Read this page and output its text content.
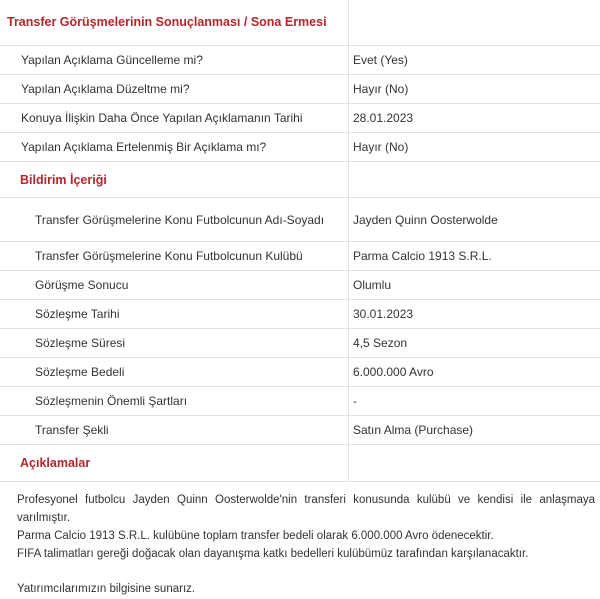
Transfer Görüşmelerinin Sonuçlanması / Sona Ermesi
Yapılan Açıklama Güncelleme mi?	Evet (Yes)
Yapılan Açıklama Düzeltme mi?	Hayır (No)
Konuya İlişkin Daha Önce Yapılan Açıklamanın Tarihi	28.01.2023
Yapılan Açıklama Ertelenmiş Bir Açıklama mı?	Hayır (No)
Bildirim İçeriği
Transfer Görüşmelerine Konu Futbolcunun Adı-Soyadı	Jayden Quinn Oosterwolde
Transfer Görüşmelerine Konu Futbolcunun Kulübü	Parma Calcio 1913 S.R.L.
Görüşme Sonucu	Olumlu
Sözleşme Tarihi	30.01.2023
Sözleşme Süresi	4,5 Sezon
Sözleşme Bedeli	6.000.000 Avro
Sözleşmenin Önemli Şartları	-
Transfer Şekli	Satın Alma (Purchase)
Açıklamalar

Profesyonel futbolcu Jayden Quinn Oosterwolde'nin transferi konusunda kulübü ve kendisi ile anlaşmaya varılmıştır.

Parma Calcio 1913 S.R.L. kulübüne toplam transfer bedeli olarak 6.000.000 Avro ödenecektir.

FIFA talimatları gereği doğacak olan dayanışma katkı bedelleri kulübümüz tarafından karşılanacaktır.

Yatırımcılarımızın bilgisine sunarız.
